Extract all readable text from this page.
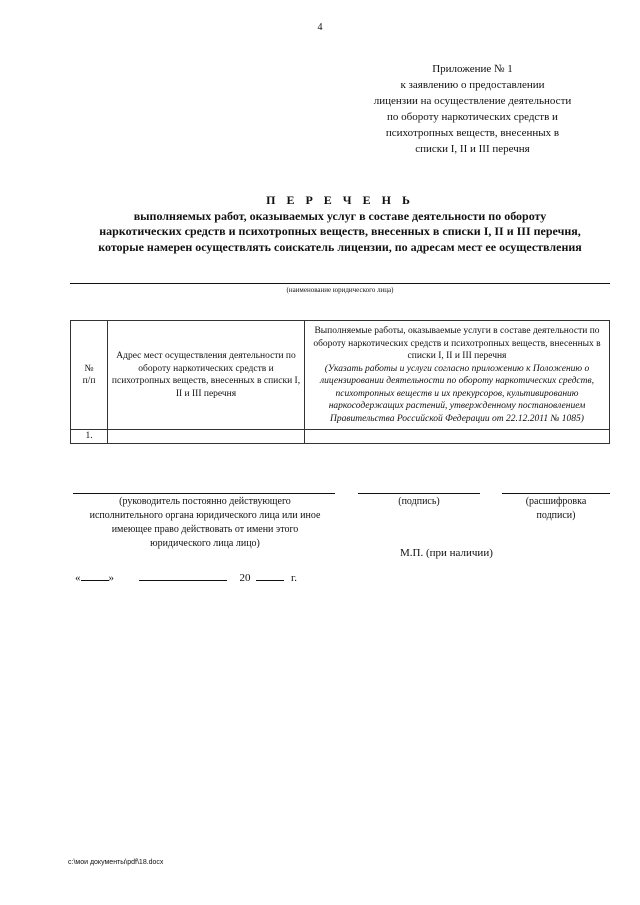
4
Приложение № 1
к заявлению о предоставлении
лицензии на осуществление деятельности
по обороту наркотических средств и
психотропных веществ, внесенных в
списки I, II и III перечня
П Е Р Е Ч Е Н Ь
выполняемых работ, оказываемых услуг в составе деятельности по обороту
наркотических средств и психотропных веществ, внесенных в списки I, II и III перечня,
которые намерен осуществлять соискатель лицензии, по адресам мест ее осуществления
(наименование юридического лица)
№
п/п	Адрес мест осуществления деятельности по обороту наркотических средств и психотропных веществ, внесенных в списки I, II и III перечня	Выполняемые работы, оказываемые услуги в составе деятельности по обороту наркотических средств и психотропных веществ, внесенных в списки I, II и III перечня
(Указать работы и услуги согласно приложению к Положению о лицензировании деятельности по обороту наркотических средств, психотропных веществ и их прекурсоров, культивированию наркосодержащих растений, утвержденному постановлением Правительства Российской Федерации от 22.12.2011 № 1085)

1.		
(руководитель постоянно действующего исполнительного органа юридического лица или иное имеющее право действовать от имени этого юридического лица лицо)
(подпись)	(расшифровка подписи)
М.П. (при наличии)
«	»	20	г.
c:\мои документы\pdf\18.docx
